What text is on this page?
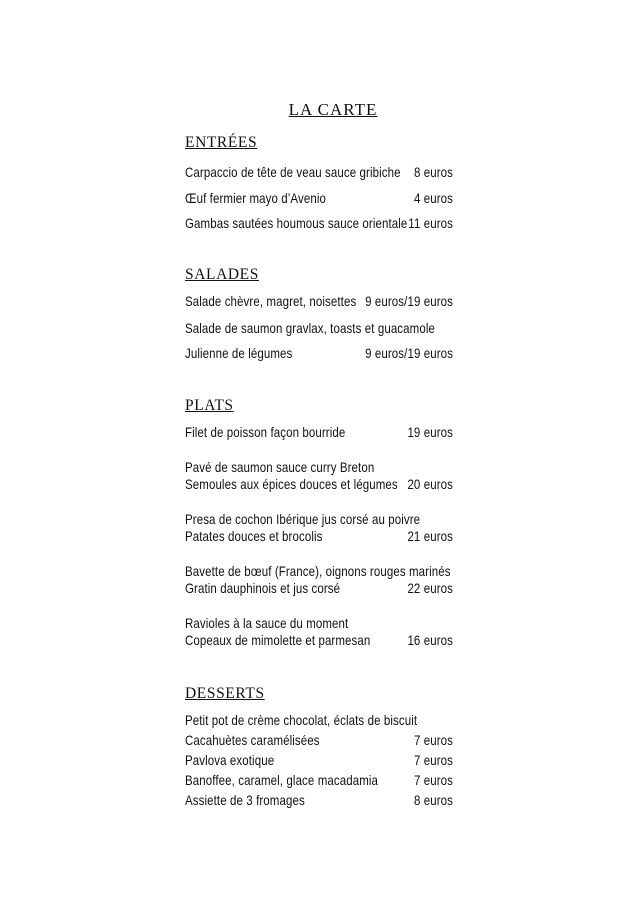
LA CARTE
ENTRÉES
Carpaccio de tête de veau sauce gribiche 8 euros
Œuf fermier mayo d’Avenio	4 euros
Gambas sautées houmous sauce orientale 11 euros
SALADES
Salade chèvre, magret, noisettes 9 euros/19 euros
Salade de saumon gravlax, toasts et guacamole
Julienne de légumes	9 euros/19 euros
PLATS
Filet de poisson façon bourride	19 euros
Pavé de saumon sauce curry Breton
Semoules aux épices douces et légumes 20 euros
Presa de cochon Ibérique jus corsé au poivre
Patates douces et brocolis	21 euros
Bavette de bœuf (France), oignons rouges marinés
Gratin dauphinois et jus corsé	22 euros
Ravioles à la sauce du moment
Copeaux de mimolette et parmesan	16 euros
DESSERTS
Petit pot de crème chocolat, éclats de biscuit
Cacahuètes caramélisées	7 euros
Pavlova exotique	7 euros
Banoffee, caramel, glace macadamia	7 euros
Assiette de 3 fromages	8 euros
